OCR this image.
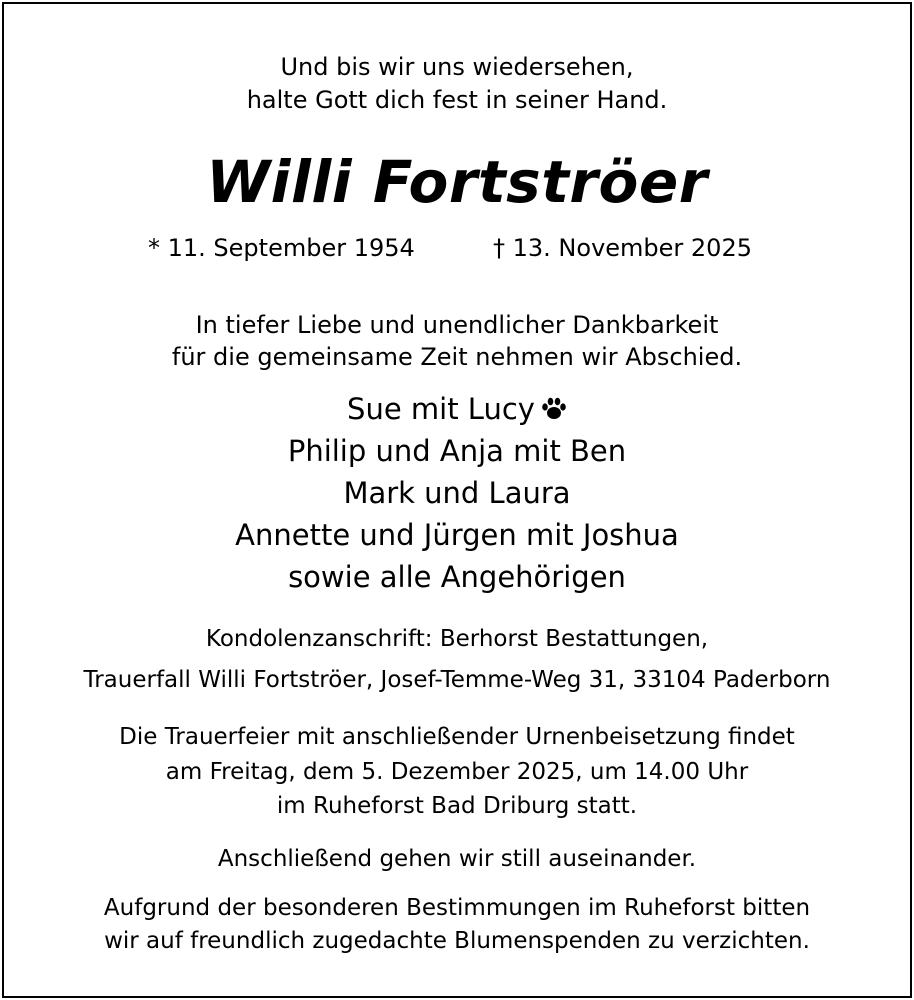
Und bis wir uns wiedersehen,
halte Gott dich fest in seiner Hand.
Willi Fortströer
* 11. September 1954	† 13. November 2025
In tiefer Liebe und unendlicher Dankbarkeit
für die gemeinsame Zeit nehmen wir Abschied.
Sue mit Lucy
Philip und Anja mit Ben
Mark und Laura
Annette und Jürgen mit Joshua
sowie alle Angehörigen
Kondolenzanschrift: Berhorst Bestattungen,
Trauerfall Willi Fortströer, Josef-Temme-Weg 31, 33104 Paderborn
Die Trauerfeier mit anschließender Urnenbeisetzung findet
am Freitag, dem 5. Dezember 2025, um 14.00 Uhr
im Ruheforst Bad Driburg statt.
Anschließend gehen wir still auseinander.
Aufgrund der besonderen Bestimmungen im Ruheforst bitten
wir auf freundlich zugedachte Blumenspenden zu verzichten.
